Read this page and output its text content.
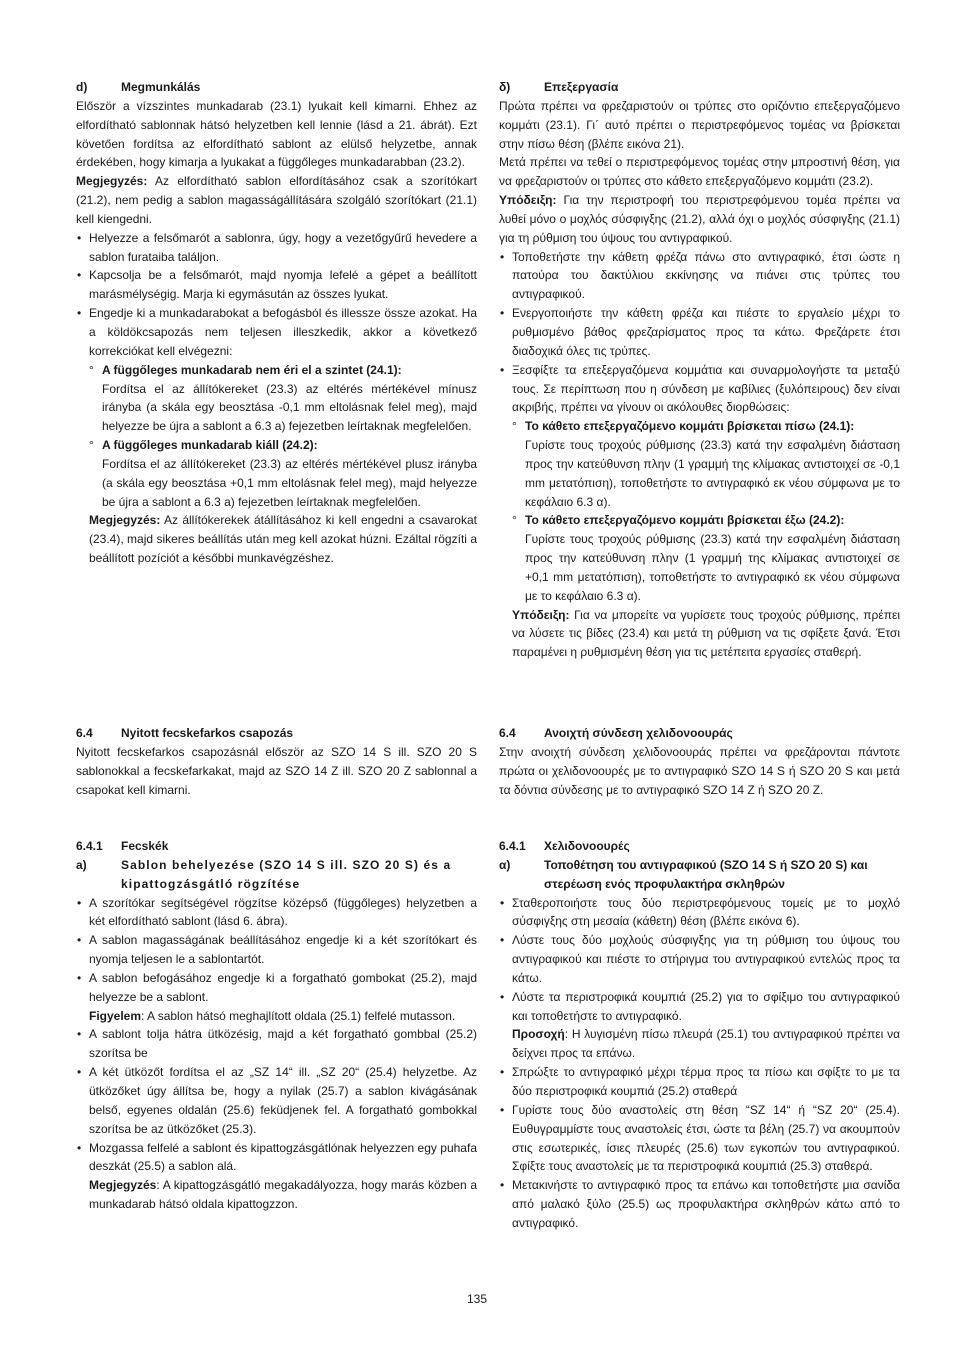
d)	Megmunkálás

Először a vízszintes munkadarab (23.1) lyukait kell kimarni. Ehhez az elfordítható sablonnak hátsó helyzetben kell lennie (lásd a 21. ábrát). Ezt követően fordítsa az elfordítható sablont az elülső helyzetbe, annak érdekében, hogy kimarja a lyukakat a függőleges munkadarabban (23.2).

Megjegyzés: Az elfordítható sablon elfordításához csak a szorítókart (21.2), nem pedig a sablon magasságállítására szolgáló szorítókart (21.1) kell kiengedni.

• Helyezze a felsőmarót a sablonra, úgy, hogy a vezetőgyűrű hevedere a sablon furataiba találjon.
• Kapcsolja be a felsőmarót, majd nyomja lefelé a gépet a beállított marásmélységig. Marja ki egymásután az összes lyukat.
• Engedje ki a munkadarabokat a befogásból és illessze össze azokat. Ha a köldökcsapozás nem teljesen illeszkedik, akkor a következő korrekciókat kell elvégezni:
° A függőleges munkadarab nem éri el a szintet (24.1):
Fordítsa el az állítókereket (23.3) az eltérés mértékével mínusz irányba (a skála egy beosztása -0,1 mm eltolásnak felel meg), majd helyezze be újra a sablont a 6.3 a) fejezetben leírtaknak megfelelően.
° A függőleges munkadarab kiáll (24.2):
Fordítsa el az állítókereket (23.3) az eltérés mértékével plusz irányba (a skála egy beosztása +0,1 mm eltolásnak felel meg), majd helyezze be újra a sablont a 6.3 a) fejezetben leírtaknak megfelelően.

Megjegyzés: Az állítókerekek átállításához ki kell engedni a csavarokat (23.4), majd sikeres beállítás után meg kell azokat húzni. Ezáltal rögzíti a beállított pozíciót a későbbi munkavégzéshez.

6.4	Nyitott fecskefarkos csapozás

Nyitott fecskefarkos csapozásnál először az SZO 14 S ill. SZO 20 S sablonokkal a fecskefarkakat, majd az SZO 14 Z ill. SZO 20 Z sablonnal a csapokat kell kimarni.

6.4.1	Fecskék
a)	Sablon behelyezése (SZO 14 S ill. SZO 20 S) és a kipattogzásgátló rögzítése
• A szorítókar segítségével rögzítse középső (függőleges) helyzetben a két elfordítható sablont (lásd 6. ábra).
• A sablon magasságának beállításához engedje ki a két szorítókart és nyomja teljesen le a sablontartót.
• A sablon befogásához engedje ki a forgatható gombokat (25.2), majd helyezze be a sablont.
Figyelem: A sablon hátsó meghajlított oldala (25.1) felfelé mutasson.
• A sablont tolja hátra ütközésig, majd a két forgatható gombbal (25.2) szorítsa be
• A két ütközőt fordítsa el az „SZ 14“ ill. „SZ 20“ (25.4) helyzetbe. Az ütközőket úgy állítsa be, hogy a nyilak (25.7) a sablon kivágásának belső, egyenes oldalán (25.6) feküdjenek fel. A forgatható gombokkal szorítsa be az ütközőket (25.3).
• Mozgassa felfelé a sablont és kipattogzásgátlónak helyezzen egy puhafa deszkát (25.5) a sablon alá.
Megjegyzés: A kipattogzásgátló megakadályozza, hogy marás közben a munkadarab hátsó oldala kipattogzzon.
δ)	Επεξεργασία

Πρώτα πρέπει να φρεζαριστούν οι τρύπες στο οριζόντιο επεξεργαζόμενο κομμάτι (23.1). Γι΄ αυτό πρέπει ο περιστρεφόμενος τομέας να βρίσκεται στην πίσω θέση (βλέπε εικόνα 21).

Μετά πρέπει να τεθεί ο περιστρεφόμενος τομέας στην μπροστινή θέση, για να φρεζαριστούν οι τρύπες στο κάθετο επεξεργαζόμενο κομμάτι (23.2).

Υπόδειξη: Για την περιστροφή του περιστρεφόμενου τομέα πρέπει να λυθεί μόνο ο μοχλός σύσφιγξης (21.2), αλλά όχι ο μοχλός σύσφιγξης (21.1) για τη ρύθμιση του ύψους του αντιγραφικού.

• Τοποθετήστε την κάθετη φρέζα πάνω στο αντιγραφικό, έτσι ώστε η πατούρα του δακτύλιου εκκίνησης να πιάνει στις τρύπες του αντιγραφικού.
• Ενεργοποιήστε την κάθετη φρέζα και πιέστε το εργαλείο μέχρι το ρυθμισμένο βάθος φρεζαρίσματος προς τα κάτω. Φρεζάρετε έτσι διαδοχικά όλες τις τρύπες.
• Ξεσφίξτε τα επεξεργαζόμενα κομμάτια και συναρμολογήστε τα μεταξύ τους. Σε περίπτωση που η σύνδεση με καβίλιες (ξυλόπειρους) δεν είναι ακριβής, πρέπει να γίνουν οι ακόλουθες διορθώσεις:
° Το κάθετο επεξεργαζόμενο κομμάτι βρίσκεται πίσω (24.1):
Γυρίστε τους τροχούς ρύθμισης (23.3) κατά την εσφαλμένη διάσταση προς την κατεύθυνση πλην (1 γραμμή της κλίμακας αντιστοιχεί σε -0,1 mm μετατόπιση), τοποθετήστε το αντιγραφικό εκ νέου σύμφωνα με το κεφάλαιο 6.3 α).
° Το κάθετο επεξεργαζόμενο κομμάτι βρίσκεται έξω (24.2):
Γυρίστε τους τροχούς ρύθμισης (23.3) κατά την εσφαλμένη διάσταση προς την κατεύθυνση πλην (1 γραμμή της κλίμακας αντιστοιχεί σε +0,1 mm μετατόπιση), τοποθετήστε το αντιγραφικό εκ νέου σύμφωνα με το κεφάλαιο 6.3 α).

Υπόδειξη: Για να μπορείτε να γυρίσετε τους τροχούς ρύθμισης, πρέπει να λύσετε τις βίδες (23.4) και μετά τη ρύθμιση να τις σφίξετε ξανά. Έτσι παραμένει η ρυθμισμένη θέση για τις μετέπειτα εργασίες σταθερή.

6.4	Ανοιχτή σύνδεση χελιδονοουράς

Στην ανοιχτή σύνδεση χελιδονοουράς πρέπει να φρεζάρονται πάντοτε πρώτα οι χελιδονοουρές με το αντιγραφικό SZO 14 S ή SZO 20 S και μετά τα δόντια σύνδεσης με το αντιγραφικό SZO 14 Z ή SZO 20 Z.

6.4.1	Χελιδονοουρές
α)	Τοποθέτηση του αντιγραφικού (SZO 14 S ή SZO 20 S) και στερέωση ενός προφυλακτήρα σκληθρών
• Σταθεροποιήστε τους δύο περιστρεφόμενους τομείς με το μοχλό σύσφιγξης στη μεσαία (κάθετη) θέση (βλέπε εικόνα 6).
• Λύστε τους δύο μοχλούς σύσφιγξης για τη ρύθμιση του ύψους του αντιγραφικού και πιέστε το στήριγμα του αντιγραφικού εντελώς προς τα κάτω.
• Λύστε τα περιστροφικά κουμπιά (25.2) για το σφίξιμο του αντιγραφικού και τοποθετήστε το αντιγραφικό.
Προσοχή: Η λυγισμένη πίσω πλευρά (25.1) του αντιγραφικού πρέπει να δείχνει προς τα επάνω.
• Σπρώξτε το αντιγραφικό μέχρι τέρμα προς τα πίσω και σφίξτε το με τα δύο περιστροφικά κουμπιά (25.2) σταθερά
• Γυρίστε τους δύο αναστολείς στη θέση “SZ 14“ ή “SZ 20“ (25.4). Ευθυγραμμίστε τους αναστολείς έτσι, ώστε τα βέλη (25.7) να ακουμπούν στις εσωτερικές, ίσιες πλευρές (25.6) των εγκοπών του αντιγραφικού. Σφίξτε τους αναστολείς με τα περιστροφικά κουμπιά (25.3) σταθερά.
• Μετακινήστε το αντιγραφικό προς τα επάνω και τοποθετήστε μια σανίδα από μαλακό ξύλο (25.5) ως προφυλακτήρα σκληθρών κάτω από το αντιγραφικό.
135
